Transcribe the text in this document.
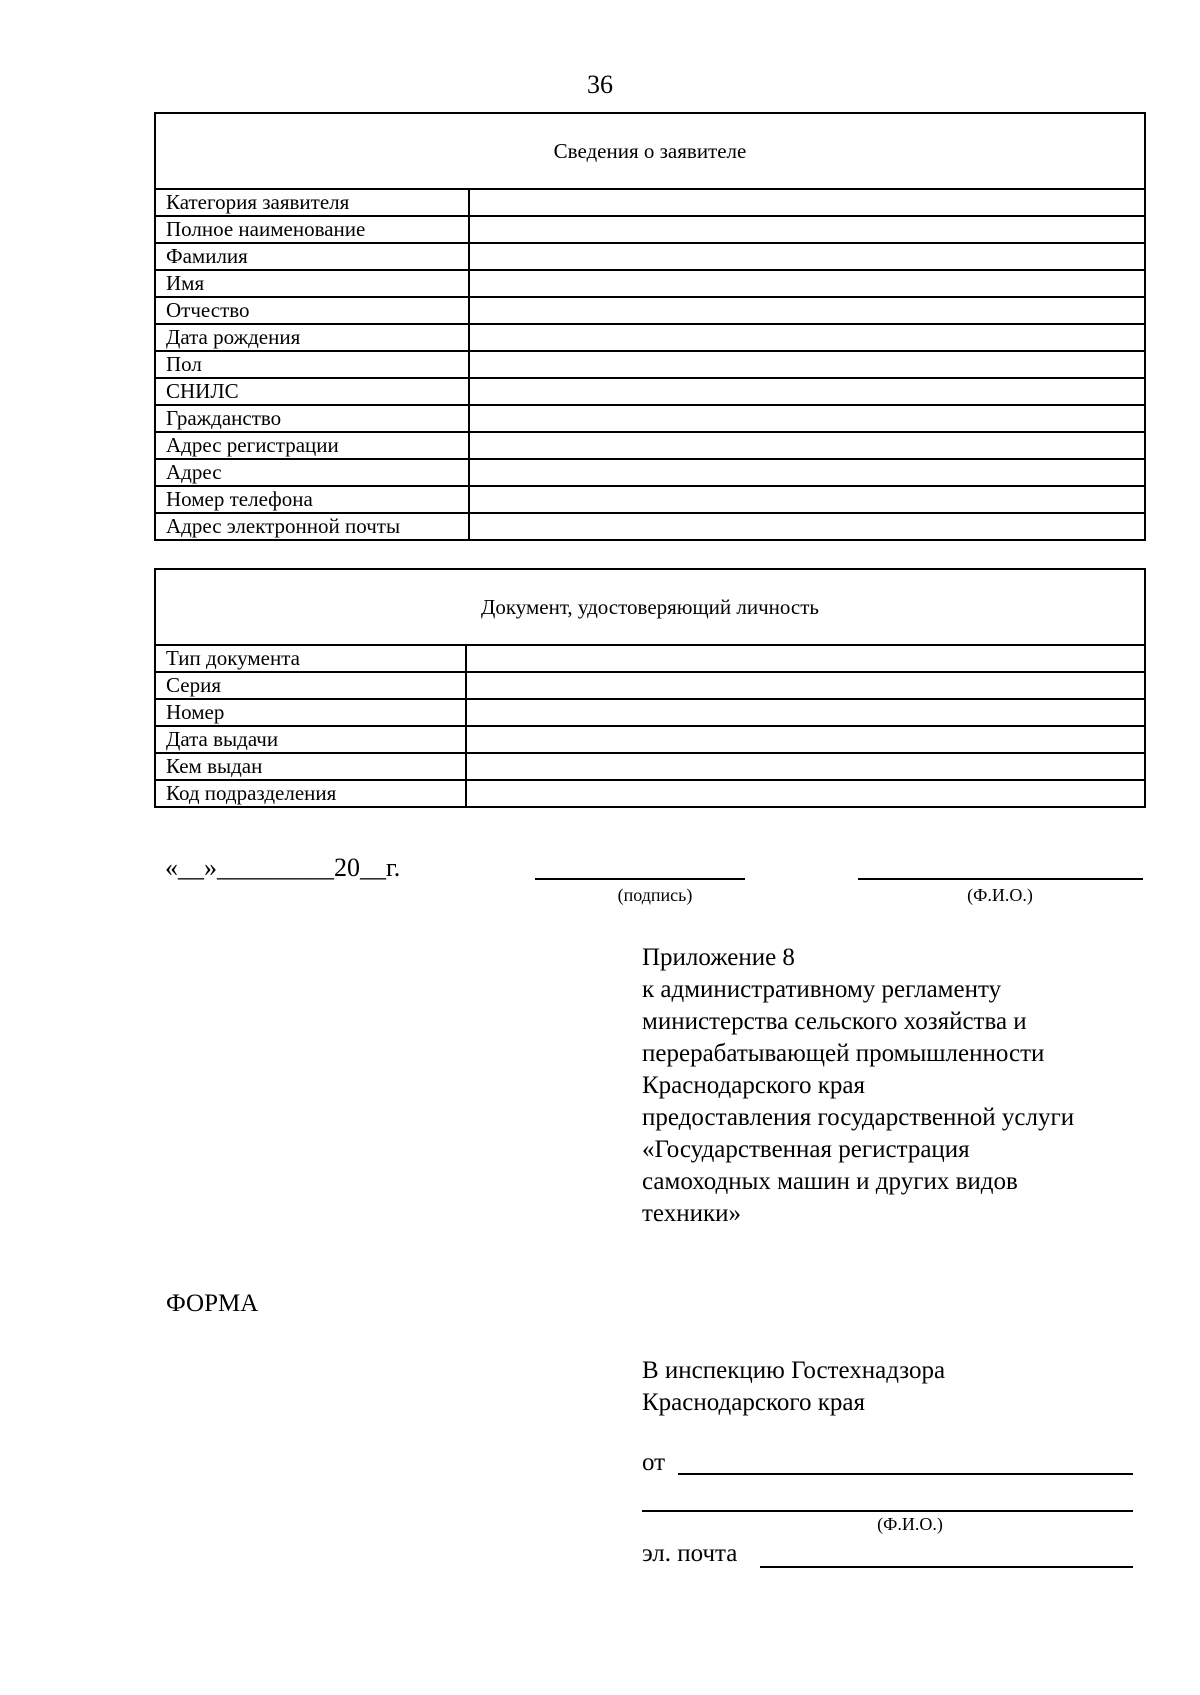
36
Сведения о заявителе	
Категория заявителя	
Полное наименование	
Фамилия	
Имя	
Отчество	
Дата рождения	
Пол	
СНИЛС	
Гражданство	
Адрес регистрации	
Адрес	
Номер телефона	
Адрес электронной почты	
Документ, удостоверяющий личность	
Тип документа	
Серия	
Номер	
Дата выдачи	
Кем выдан	
Код подразделения	
«__»_________20__г.
(подпись)	(Ф.И.О.)
Приложение 8
к административному регламенту
министерства сельского хозяйства и
перерабатывающей промышленности
Краснодарского края
предоставления государственной услуги
«Государственная регистрация
самоходных машин и других видов
техники»
ФОРМА
В инспекцию Гостехнадзора
Краснодарского края
от
(Ф.И.О.)
эл. почта
